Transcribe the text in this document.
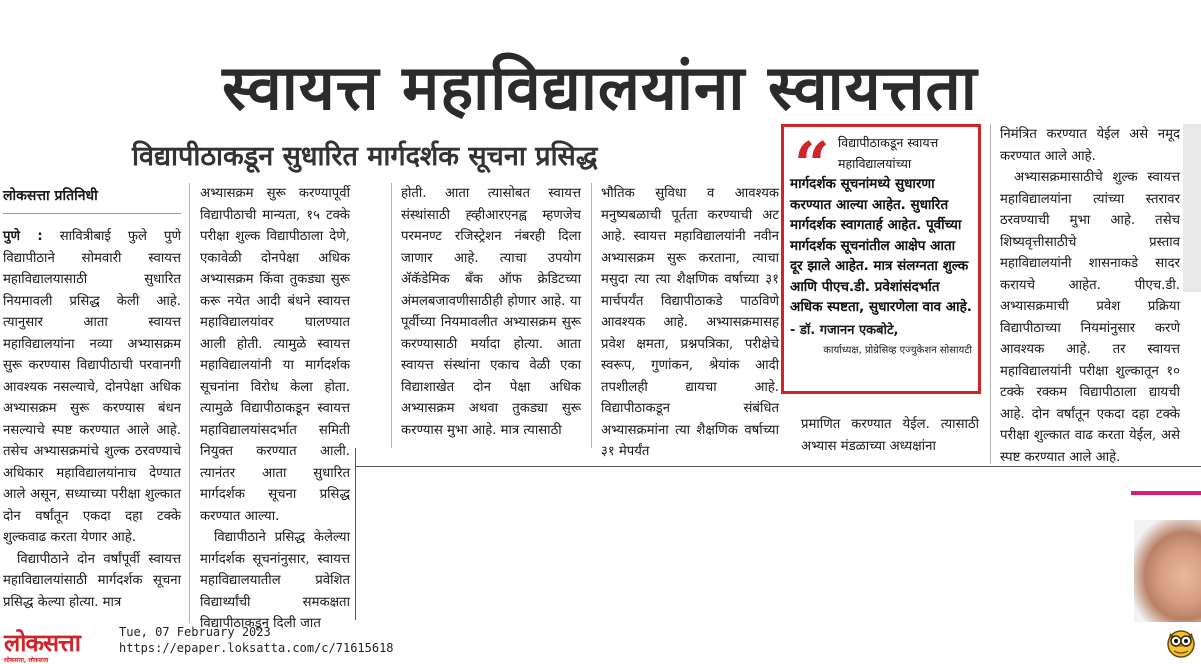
स्वायत्त महाविद्यालयांना स्वायत्तता
विद्यापीठाकडून सुधारित मार्गदर्शक सूचना प्रसिद्ध
लोकसत्ता प्रतिनिधी

पुणे : सावित्रीबाई फुले पुणे विद्यापीठाने सोमवारी स्वायत्त महाविद्यालयासाठी सुधारित नियमावली प्रसिद्ध केली आहे. त्यानुसार आता स्वायत्त महाविद्यालयांना नव्या अभ्यासक्रम सुरू करण्यास विद्यापीठाची परवानगी आवश्यक नसल्याचे, दोनपेक्षा अधिक अभ्यासक्रम सुरू करण्यास बंधन नसल्याचे स्पष्ट करण्यात आले आहे. तसेच अभ्यासक्रमांचे शुल्क ठरवण्याचे अधिकार महाविद्यालयांनाच देण्यात आले असून, सध्याच्या परीक्षा शुल्कात दोन वर्षांतून एकदा दहा टक्के शुल्कवाढ करता येणार आहे.

विद्यापीठाने दोन वर्षांपूर्वी स्वायत्त महाविद्यालयांसाठी मार्गदर्शक सूचना प्रसिद्ध केल्या होत्या. मात्र

अभ्यासक्रम सुरू करण्यापूर्वी विद्यापीठाची मान्यता, १५ टक्के परीक्षा शुल्क विद्यापीठाला देणे, एकावेळी दोनपेक्षा अधिक अभ्यासक्रम किंवा तुकड्या सुरू करू नयेत आदी बंधने स्वायत्त महाविद्यालयांवर घालण्यात आली होती. त्यामुळे स्वायत्त महाविद्यालयांनी या मार्गदर्शक सूचनांना विरोध केला होता. त्यामुळे विद्यापीठाकडून स्वायत्त महाविद्यालयांसदर्भात समिती नियुक्त करण्यात आली. त्यानंतर आता सुधारित मार्गदर्शक सूचना प्रसिद्ध करण्यात आल्या.

विद्यापीठाने प्रसिद्ध केलेल्या मार्गदर्शक सूचनांनुसार, स्वायत्त महाविद्यालयातील प्रवेशित विद्यार्थ्यांची समकक्षता विद्यापीठाकडून दिली जात

होती. आता त्यासोबत स्वायत्त संस्थांसाठी ह्व्हीआरएनह्व म्हणजेच परमनण्ट रजिस्ट्रेशन नंबरही दिला जाणार आहे. त्याचा उपयोग ॲकॅडेमिक बँक ऑफ क्रेडिटच्या अंमलबजावणीसाठीही होणार आहे. या पूर्वीच्या नियमावलीत अभ्यासक्रम सुरू करण्यासाठी मर्यादा होत्या. आता स्वायत्त संस्थांना एकाच वेळी एका विद्याशाखेत दोन पेक्षा अधिक अभ्यासक्रम अथवा तुकड्या सुरू करण्यास मुभा आहे. मात्र त्यासाठी

भौतिक सुविधा व आवश्यक मनुष्यबळाची पूर्तता करण्याची अट आहे. स्वायत्त महाविद्यालयांनी नवीन अभ्यासक्रम सुरू करताना, त्याचा मसुदा त्या त्या शैक्षणिक वर्षाच्या ३१ मार्चपर्यंत विद्यापीठाकडे पाठविणे आवश्यक आहे. अभ्यासक्रमासह प्रवेश क्षमता, प्रश्नपत्रिका, परीक्षेचे स्वरूप, गुणांकन, श्रेयांक आदी तपशीलही द्यायचा आहे. विद्यापीठाकडून संबंधित अभ्यासक्रमांना त्या शैक्षणिक वर्षाच्या ३१ मेपर्यंत

प्रमाणित करण्यात येईल. त्यासाठी अभ्यास मंडळाच्या अध्यक्षांना

निमंत्रित करण्यात येईल असे नमूद करण्यात आले आहे.

अभ्यासक्रमासाठीचे शुल्क स्वायत्त महाविद्यालयांना त्यांच्या स्तरावर ठरवण्याची मुभा आहे. तसेच शिष्यवृत्तीसाठीचे प्रस्ताव महाविद्यालयांनी शासनाकडे सादर करायचे आहेत. पीएच.डी. अभ्यासक्रमाची प्रवेश प्रक्रिया विद्यापीठाच्या नियमांनुसार करणे आवश्यक आहे. तर स्वायत्त महाविद्यालयांनी परीक्षा शुल्कातून १० टक्के रक्कम विद्यापीठाला द्यायची आहे. दोन वर्षांतून एकदा दहा टक्के परीक्षा शुल्कात वाढ करता येईल, असे स्पष्ट करण्यात आले आहे.

“ विद्यापीठाकडून स्वायत्त महाविद्यालयांच्या
मार्गदर्शक सूचनांमध्ये सुधारणा करण्यात आल्या आहेत. सुधारित मार्गदर्शक स्वागतार्ह आहेत. पूर्वीच्या मार्गदर्शक सूचनांतील आक्षेप आता दूर झाले आहेत. मात्र संलग्नता शुल्क आणि पीएच.डी. प्रवेशांसंदर्भात अधिक स्पष्टता, सुधारणेला वाव आहे.
- डॉ. गजानन एकबोटे,
कार्याध्यक्ष, प्रोग्रेसिव्ह एज्युकेशन सोसायटी
लोकसत्ता
लोकसत्ता, लोकसत्ता
Tue, 07 February 2023
https://epaper.loksatta.com/c/71615618
